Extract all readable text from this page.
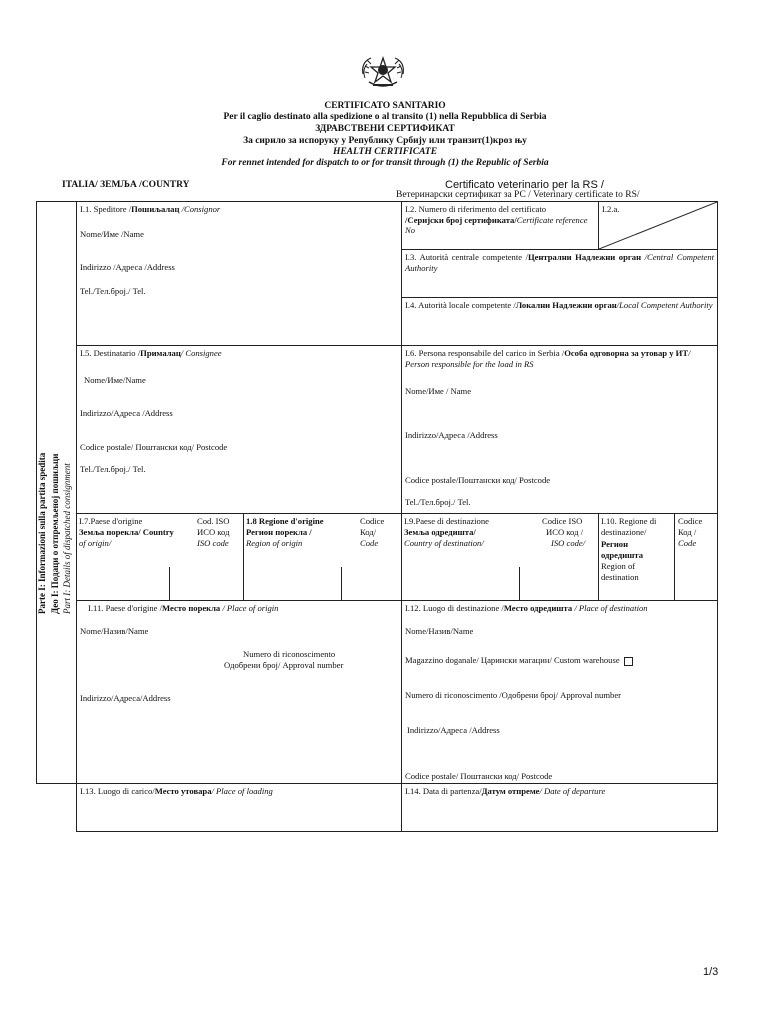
CERTIFICATO SANITARIO
Per il caglio destinato alla spedizione o al transito (1) nella Repubblica di Serbia
ЗДРАВСТВЕНИ СЕРТИФИКАТ
За сирило за испоруку у Републику Србију или транзит(1)кроз њу
HEALTH CERTIFICATE
For rennet intended for dispatch to or for transit through (1) the Republic of Serbia
ITALIA/ ЗЕМЉА /COUNTRY	Certificato veterinario per la RS /
Ветеринарски сертификат за РС / Veterinary certificate to RS/
Parte I: Informazioni sulla partita spedita Део I: Подаци о отпремљеној пошиљци Part I: Details of dispatched consignment
I.1. Speditore /Пошиљалац /Consignor
Nome/Име /Name
Indirizzo /Адреса /Address
Tel./Тел.број./ Tel.
I.2. Numero di riferimento del certificato
/Серијски број сертификата/Certificate reference No
I.2.a.
I.3. Autorità centrale competente /Централни Надлежни орган /Central Competent Authority
I.4. Autorità locale competente /Локални Надлежни орган/Local Competent Authority
I.5. Destinatario /Прималац/ Consignee
Nome/Име/Name
Indirizzo/Адреса /Address
Codice postale/ Поштански код/ Postcode
Tel./Тел.број./ Tel.
I.6. Persona responsabile del carico in Serbia /Особа одговорна за утовар у ИТ/ Person responsible for the load in RS
Nome/Име / Name
Indirizzo/Адреса /Address
Codice postale/Поштански код/ Postcode
Tel./Тел.број./ Tel.
I.7.Paese d'origine
Земља порекла/ Country
of origin/
Cod. ISO
ИСО код
ISO code
1.8 Regione d'origine
Регион порекла /
Region of origin
Codice
Код/
Code
I.9.Paese di destinazione
Земља одредишта/
Country of destination/
Codice ISO
ИСО код /
ISO code/
I.10. Regione di
destinazione/
Регион
одредишта
Region of
destination
Codice
Код /
Code
I.11. Paese d'origine /Место порекла / Place of origin
Nome/Назив/Name
Numero di riconoscimento
Одобрени број/ Approval number
Indirizzo/Адреса/Address
I.12. Luogo di destinazione /Место одредишта / Place of destination
Nome/Назив/Name
Magazzino doganale/ Царински магацин/ Custom warehouse
Numero di riconoscimento /Одобрени број/ Approval number
Indirizzo/Адреса /Address
Codice postale/ Поштански код/ Postcode
I.13. Luogo di carico/Место утовара/ Place of loading	I.14. Data di partenza/Датум отпреме/ Date of departure
1/3
